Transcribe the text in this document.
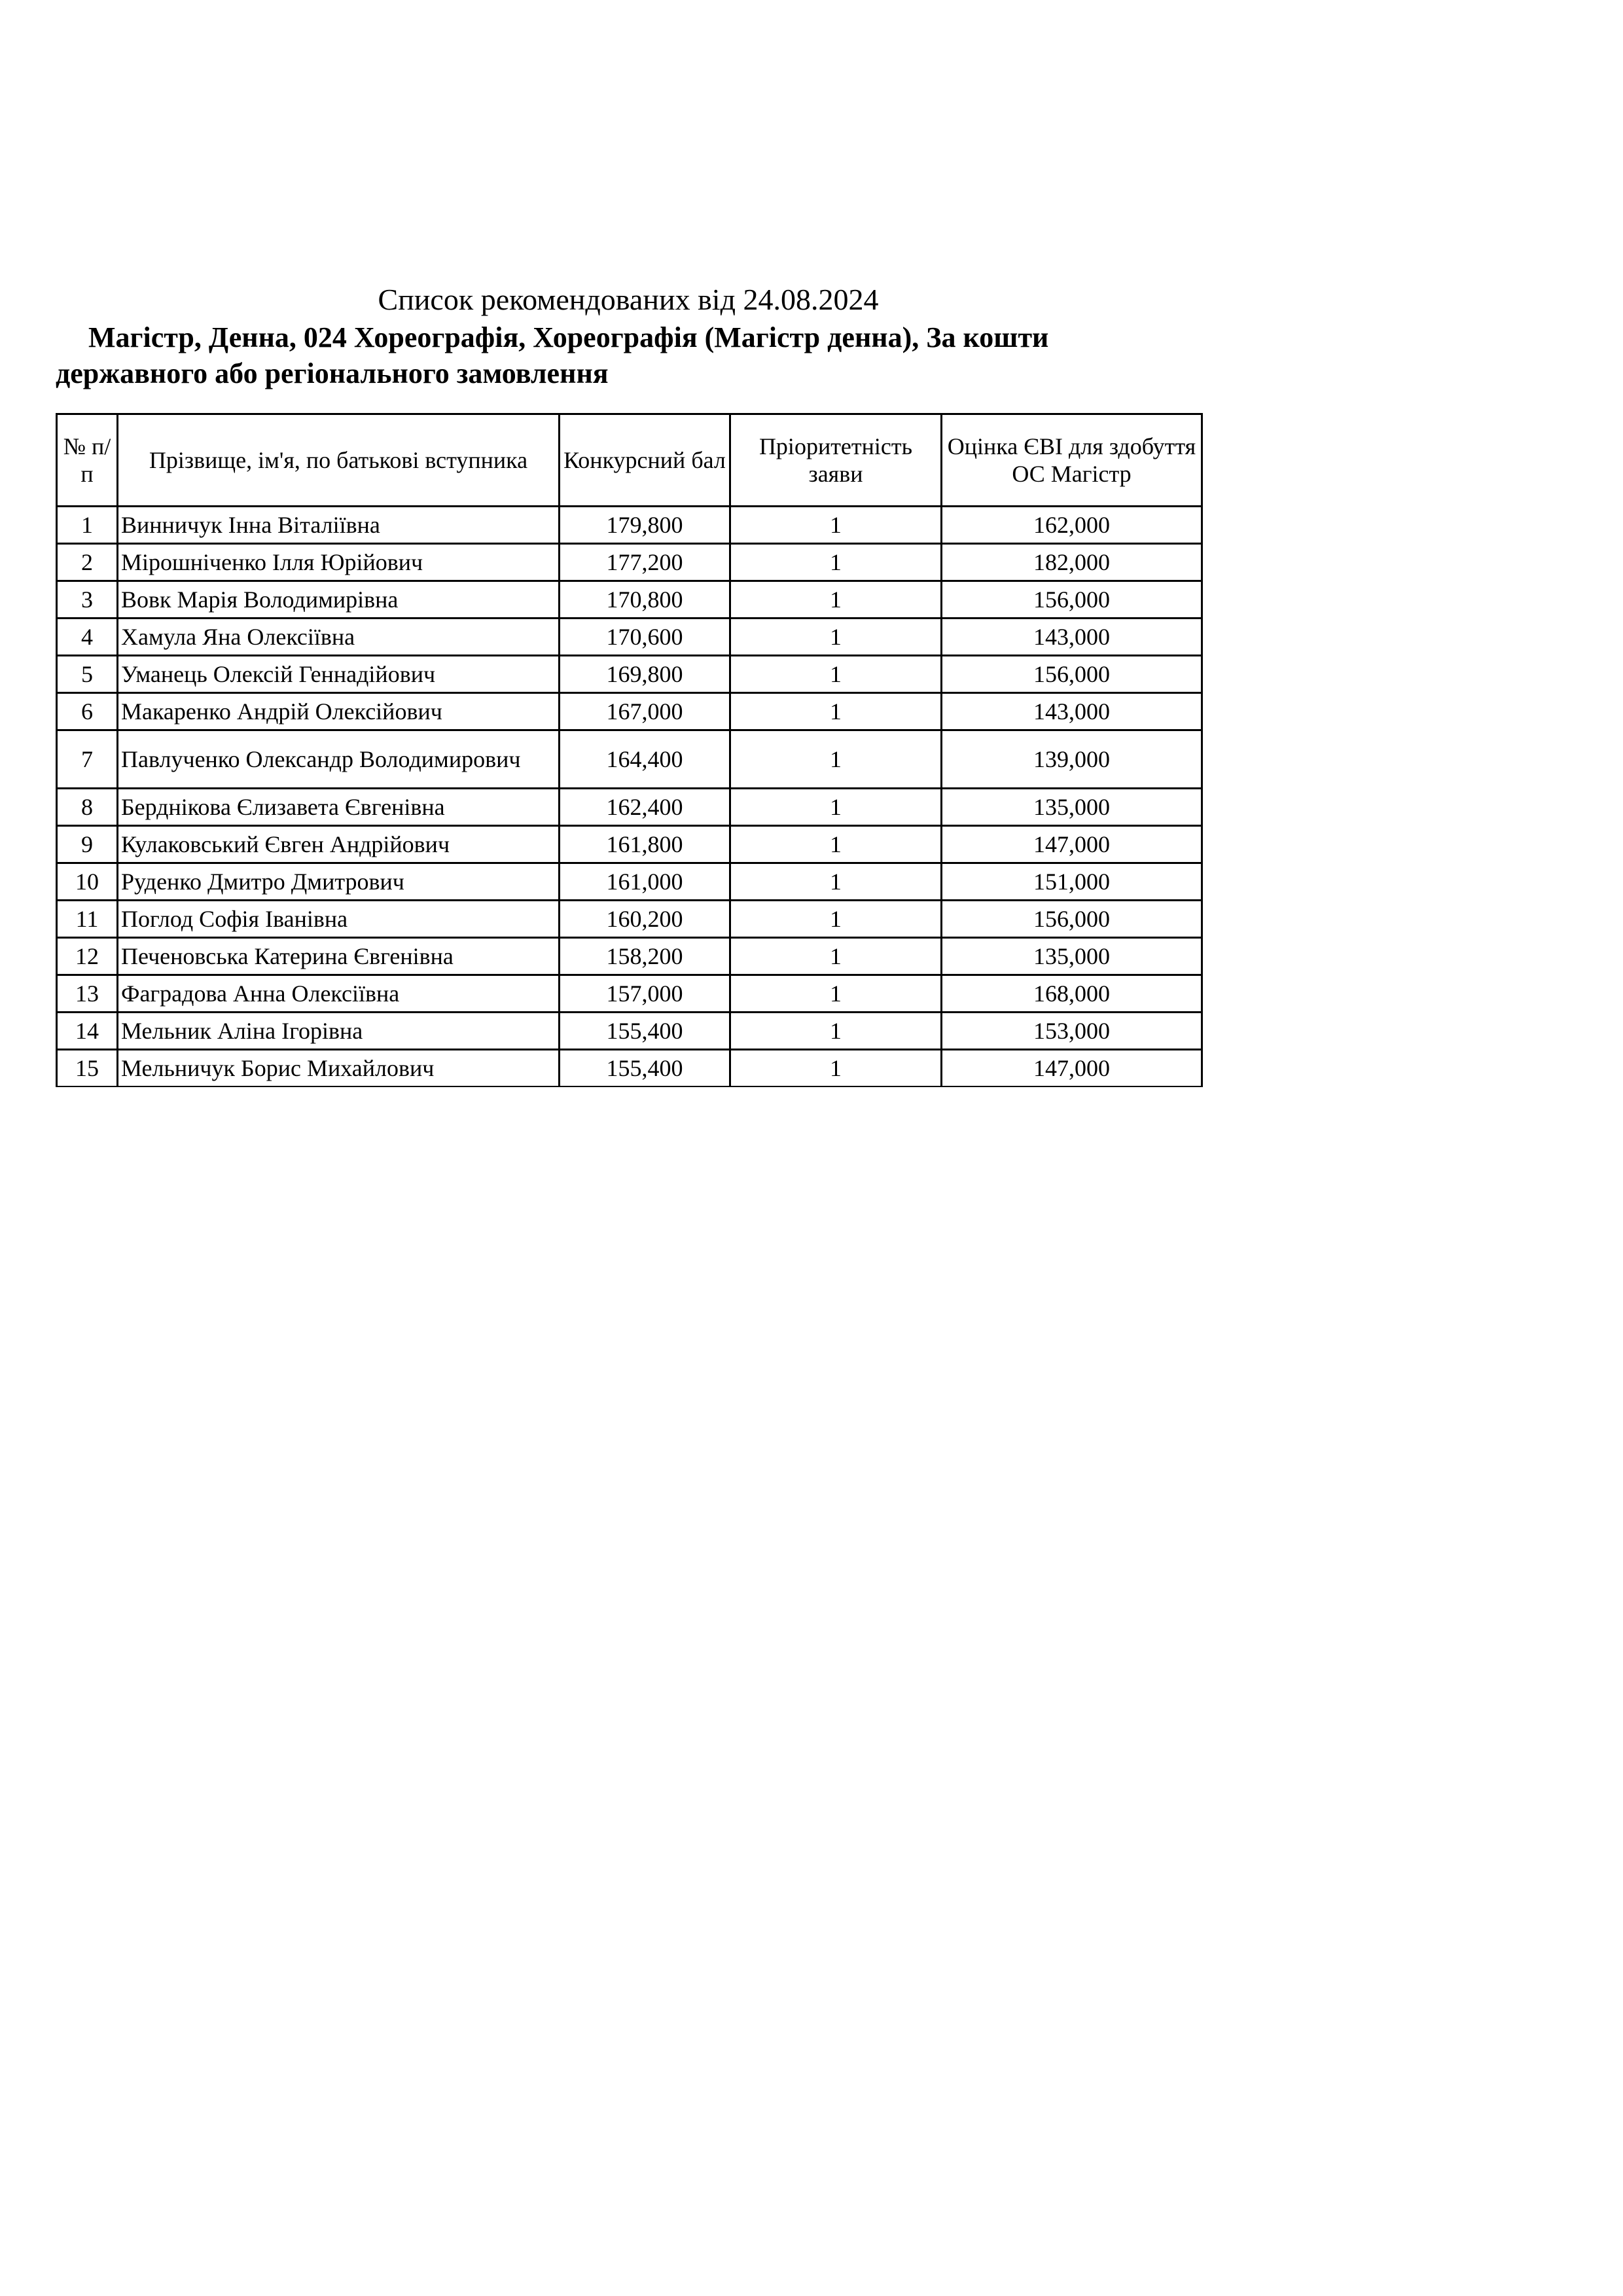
Список рекомендованих від 24.08.2024
Магістр, Денна, 024 Хореографія, Хореографія (Магістр денна), За кошти державного або регіонального замовлення
№ п/п	Прізвище, ім'я, по батькові вступника	Конкурсний бал	Пріоритетність заяви	Оцінка ЄВІ для здобуття ОС Магістр
1	Винничук Інна Віталіївна	179,800	1	162,000
2	Мірошніченко Ілля Юрійович	177,200	1	182,000
3	Вовк Марія Володимирівна	170,800	1	156,000
4	Хамула Яна Олексіївна	170,600	1	143,000
5	Уманець Олексій Геннадійович	169,800	1	156,000
6	Макаренко Андрій Олексійович	167,000	1	143,000
7	Павлученко Олександр Володимирович	164,400	1	139,000
8	Берднікова Єлизавета Євгенівна	162,400	1	135,000
9	Кулаковський Євген Андрійович	161,800	1	147,000
10	Руденко Дмитро Дмитрович	161,000	1	151,000
11	Поглод Софія Іванівна	160,200	1	156,000
12	Печеновська Катерина Євгенівна	158,200	1	135,000
13	Фаградова Анна Олексіївна	157,000	1	168,000
14	Мельник Аліна Ігорівна	155,400	1	153,000
15	Мельничук Борис Михайлович	155,400	1	147,000
